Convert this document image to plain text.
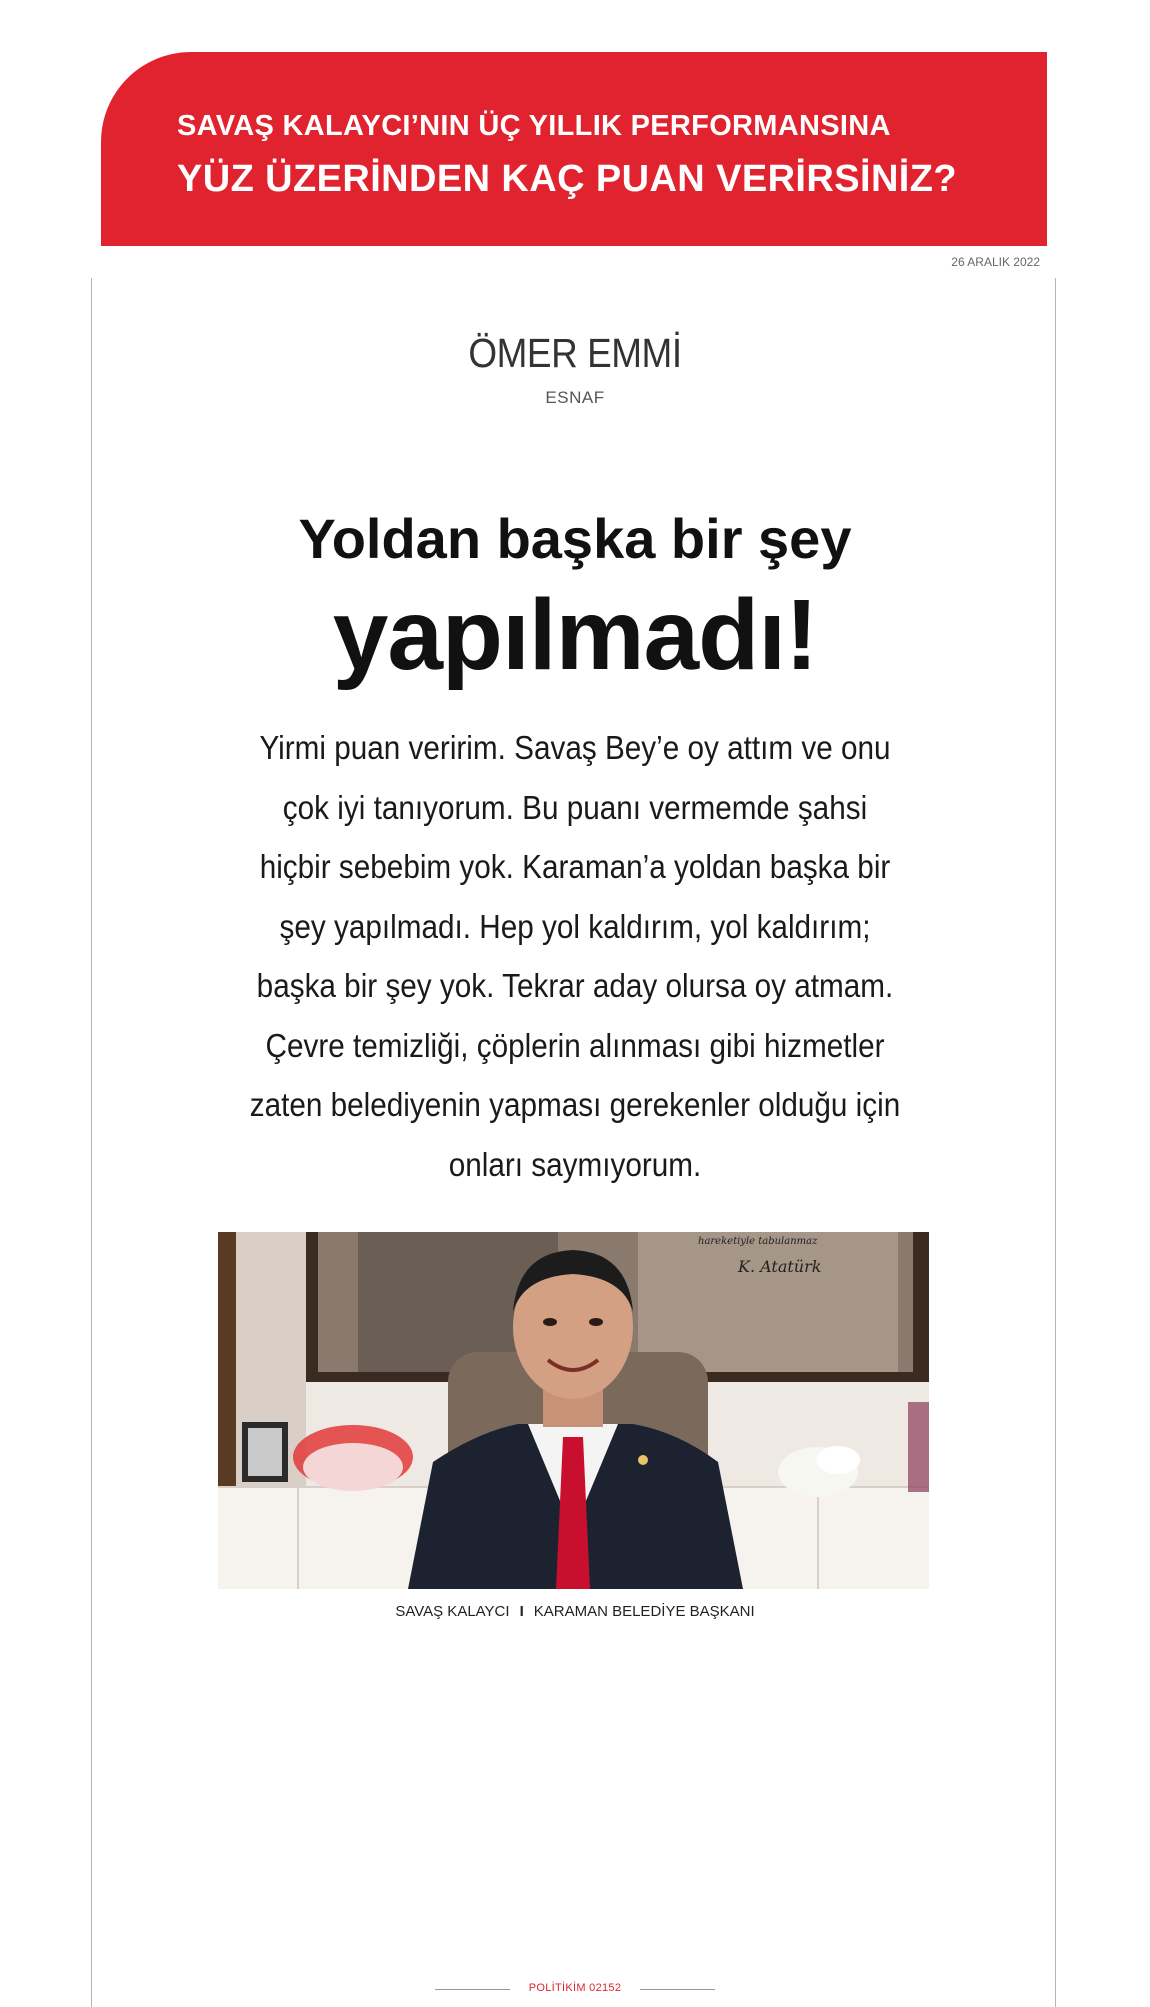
SAVAŞ KALAYCI’NIN ÜÇ YILLIK PERFORMANSINA
YÜZ ÜZERİNDEN KAÇ PUAN VERİRSİNİZ?
26 ARALIK 2022
ÖMER EMMİ
ESNAF
Yoldan başka bir şey
yapılmadı!
Yirmi puan veririm. Savaş Bey’e oy attım ve onu
çok iyi tanıyorum. Bu puanı vermemde şahsi
hiçbir sebebim yok. Karaman’a yoldan başka bir
şey yapılmadı. Hep yol kaldırım, yol kaldırım;
başka bir şey yok. Tekrar aday olursa oy atmam.
Çevre temizliği, çöplerin alınması gibi hizmetler
zaten belediyenin yapması gerekenler olduğu için
onları saymıyorum.
hareketiyle tabulanmaz
K. Atatürk
SAVAŞ KALAYCI I KARAMAN BELEDİYE BAŞKANI
POLİTİKİM 02152
